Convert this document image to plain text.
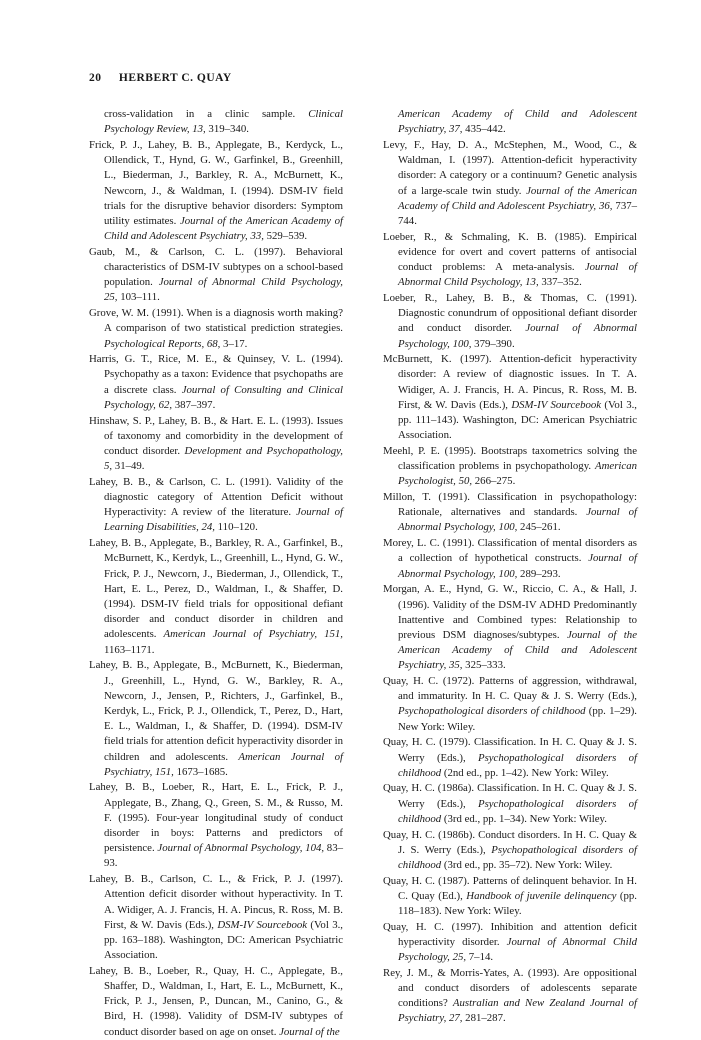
20 HERBERT C. QUAY

cross-validation in a clinic sample. Clinical Psychology Review, 13, 319–340.

Frick, P. J., Lahey, B. B., Applegate, B., Kerdyck, L., Ollendick, T., Hynd, G. W., Garfinkel, B., Greenhill, L., Biederman, J., Barkley, R. A., McBurnett, K., Newcorn, J., & Waldman, I. (1994). DSM-IV field trials for the disruptive behavior disorders: Symptom utility estimates. Journal of the American Academy of Child and Adolescent Psychiatry, 33, 529–539.

Gaub, M., & Carlson, C. L. (1997). Behavioral characteristics of DSM-IV subtypes on a school-based population. Journal of Abnormal Child Psychology, 25, 103–111.

Grove, W. M. (1991). When is a diagnosis worth making? A comparison of two statistical prediction strategies. Psychological Reports, 68, 3–17.

Harris, G. T., Rice, M. E., & Quinsey, V. L. (1994). Psychopathy as a taxon: Evidence that psychopaths are a discrete class. Journal of Consulting and Clinical Psychology, 62, 387–397.

Hinshaw, S. P., Lahey, B. B., & Hart. E. L. (1993). Issues of taxonomy and comorbidity in the development of conduct disorder. Development and Psychopathology, 5, 31–49.

Lahey, B. B., & Carlson, C. L. (1991). Validity of the diagnostic category of Attention Deficit without Hyperactivity: A review of the literature. Journal of Learning Disabilities, 24, 110–120.

Lahey, B. B., Applegate, B., Barkley, R. A., Garfinkel, B., McBurnett, K., Kerdyk, L., Greenhill, L., Hynd, G. W., Frick, P. J., Newcorn, J., Biederman, J., Ollendick, T., Hart, E. L., Perez, D., Waldman, I., & Shaffer, D. (1994). DSM-IV field trials for oppositional defiant disorder and conduct disorder in children and adolescents. American Journal of Psychiatry, 151, 1163–1171.

Lahey, B. B., Applegate, B., McBurnett, K., Biederman, J., Greenhill, L., Hynd, G. W., Barkley, R. A., Newcorn, J., Jensen, P., Richters, J., Garfinkel, B., Kerdyk, L., Frick, P. J., Ollendick, T., Perez, D., Hart, E. L., Waldman, I., & Shaffer, D. (1994). DSM-IV field trials for attention deficit hyperactivity disorder in children and adolescents. American Journal of Psychiatry, 151, 1673–1685.

Lahey, B. B., Loeber, R., Hart, E. L., Frick, P. J., Applegate, B., Zhang, Q., Green, S. M., & Russo, M. F. (1995). Four-year longitudinal study of conduct disorder in boys: Patterns and predictors of persistence. Journal of Abnormal Psychology, 104, 83–93.

Lahey, B. B., Carlson, C. L., & Frick, P. J. (1997). Attention deficit disorder without hyperactivity. In T. A. Widiger, A. J. Francis, H. A. Pincus, R. Ross, M. B. First, & W. Davis (Eds.), DSM-IV Sourcebook (Vol 3., pp. 163–188). Washington, DC: American Psychiatric Association.

Lahey, B. B., Loeber, R., Quay, H. C., Applegate, B., Shaffer, D., Waldman, I., Hart, E. L., McBurnett, K., Frick, P. J., Jensen, P., Duncan, M., Canino, G., & Bird, H. (1998). Validity of DSM-IV subtypes of conduct disorder based on age on onset. Journal of the

American Academy of Child and Adolescent Psychiatry, 37, 435–442.

Levy, F., Hay, D. A., McStephen, M., Wood, C., & Waldman, I. (1997). Attention-deficit hyperactivity disorder: A category or a continuum? Genetic analysis of a large-scale twin study. Journal of the American Academy of Child and Adolescent Psychiatry, 36, 737–744.

Loeber, R., & Schmaling, K. B. (1985). Empirical evidence for overt and covert patterns of antisocial conduct problems: A meta-analysis. Journal of Abnormal Child Psychology, 13, 337–352.

Loeber, R., Lahey, B. B., & Thomas, C. (1991). Diagnostic conundrum of oppositional defiant disorder and conduct disorder. Journal of Abnormal Psychology, 100, 379–390.

McBurnett, K. (1997). Attention-deficit hyperactivity disorder: A review of diagnostic issues. In T. A. Widiger, A. J. Francis, H. A. Pincus, R. Ross, M. B. First, & W. Davis (Eds.), DSM-IV Sourcebook (Vol 3., pp. 111–143). Washington, DC: American Psychiatric Association.

Meehl, P. E. (1995). Bootstraps taxometrics solving the classification problems in psychopathology. American Psychologist, 50, 266–275.

Millon, T. (1991). Classification in psychopathology: Rationale, alternatives and standards. Journal of Abnormal Psychology, 100, 245–261.

Morey, L. C. (1991). Classification of mental disorders as a collection of hypothetical constructs. Journal of Abnormal Psychology, 100, 289–293.

Morgan, A. E., Hynd, G. W., Riccio, C. A., & Hall, J. (1996). Validity of the DSM-IV ADHD Predominantly Inattentive and Combined types: Relationship to previous DSM diagnoses/subtypes. Journal of the American Academy of Child and Adolescent Psychiatry, 35, 325–333.

Quay, H. C. (1972). Patterns of aggression, withdrawal, and immaturity. In H. C. Quay & J. S. Werry (Eds.), Psychopathological disorders of childhood (pp. 1–29). New York: Wiley.

Quay, H. C. (1979). Classification. In H. C. Quay & J. S. Werry (Eds.), Psychopathological disorders of childhood (2nd ed., pp. 1–42). New York: Wiley.

Quay, H. C. (1986a). Classification. In H. C. Quay & J. S. Werry (Eds.), Psychopathological disorders of childhood (3rd ed., pp. 1–34). New York: Wiley.

Quay, H. C. (1986b). Conduct disorders. In H. C. Quay & J. S. Werry (Eds.), Psychopathological disorders of childhood (3rd ed., pp. 35–72). New York: Wiley.

Quay, H. C. (1987). Patterns of delinquent behavior. In H. C. Quay (Ed.), Handbook of juvenile delinquency (pp. 118–183). New York: Wiley.

Quay, H. C. (1997). Inhibition and attention deficit hyperactivity disorder. Journal of Abnormal Child Psychology, 25, 7–14.

Rey, J. M., & Morris-Yates, A. (1993). Are oppositional and conduct disorders of adolescents separate conditions? Australian and New Zealand Journal of Psychiatry, 27, 281–287.
